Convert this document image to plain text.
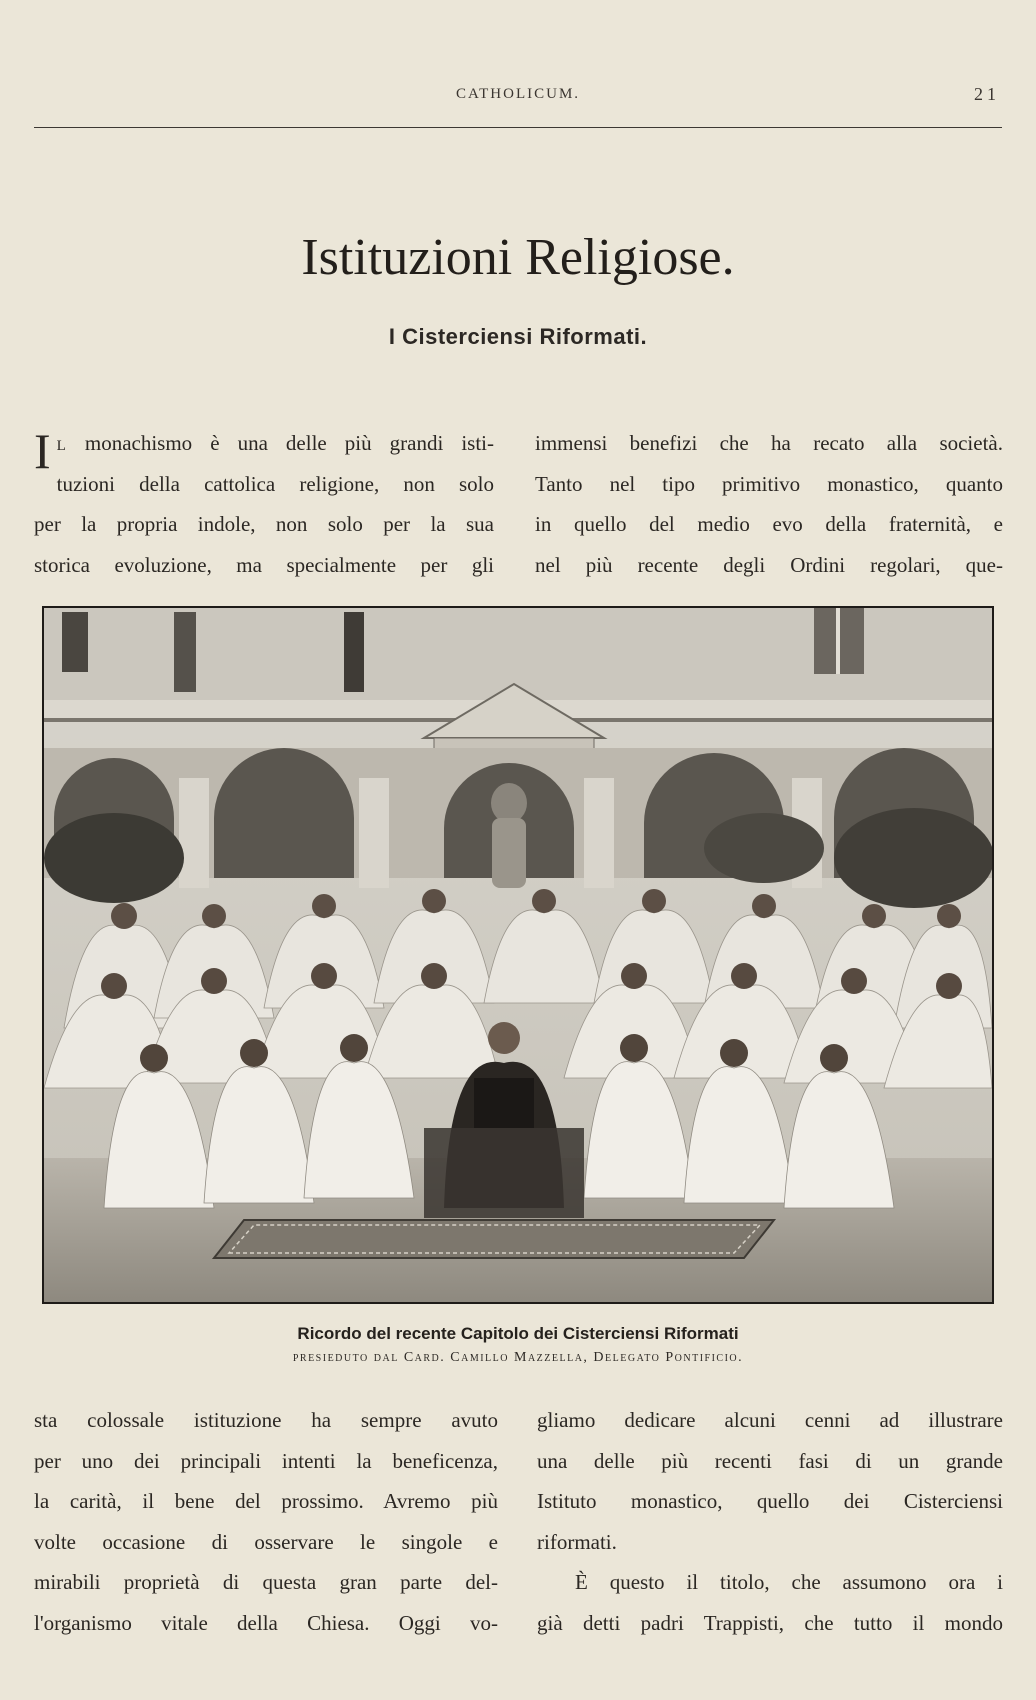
CATHOLICUM.	21
Istituzioni Religiose.
I Cisterciensi Riformati.
I L monachismo è una delle più grandi isti-
tuzioni della cattolica religione, non solo
per la propria indole, non solo per la sua
storica evoluzione, ma specialmente per gli
immensi benefizi che ha recato alla società.
Tanto nel tipo primitivo monastico, quanto
in quello del medio evo della fraternità, e
nel più recente degli Ordini regolari, que-
Ricordo del recente Capitolo dei Cisterciensi Riformati
presieduto dal Card. Camillo Mazzella, Delegato Pontificio.
sta colossale istituzione ha sempre avuto
per uno dei principali intenti la beneficenza,
la carità, il bene del prossimo. Avremo più
volte occasione di osservare le singole e
mirabili proprietà di questa gran parte del-
l'organismo vitale della Chiesa. Oggi vo-
gliamo dedicare alcuni cenni ad illustrare
una delle più recenti fasi di un grande
Istituto monastico, quello dei Cisterciensi
riformati.
È questo il titolo, che assumono ora i
già detti padri Trappisti, che tutto il mondo
